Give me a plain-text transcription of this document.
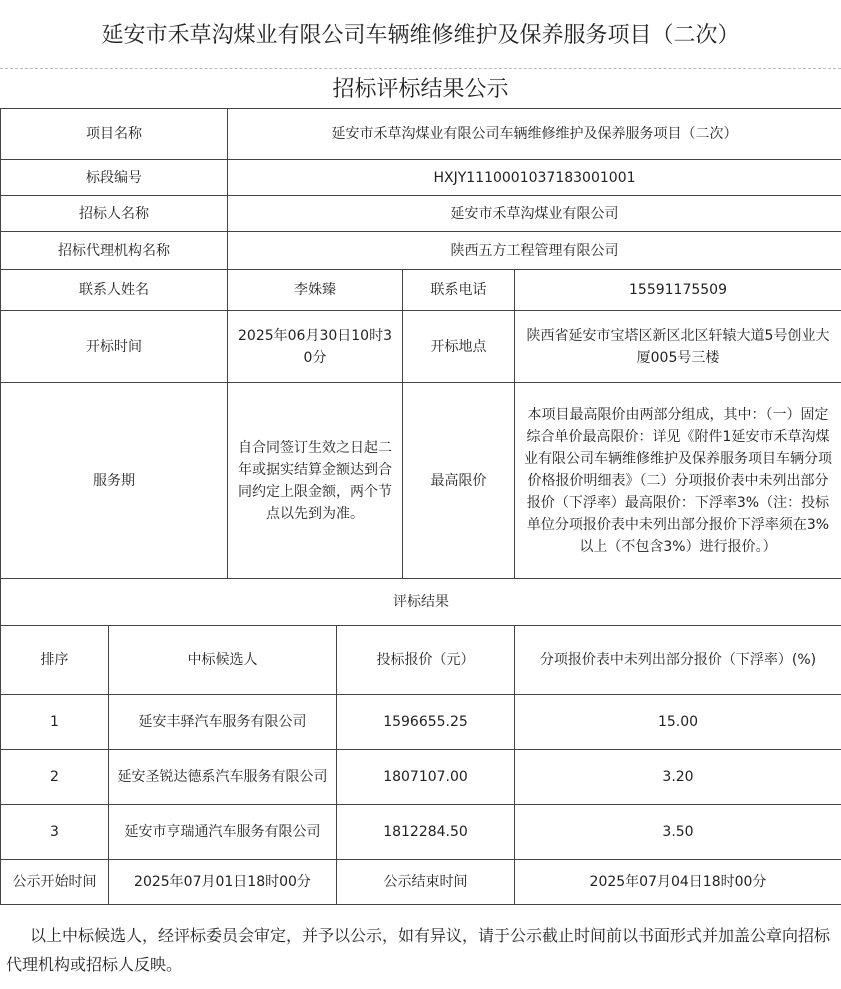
延安市禾草沟煤业有限公司车辆维修维护及保养服务项目（二次）
招标评标结果公示
项目名称		延安市禾草沟煤业有限公司车辆维修维护及保养服务项目（二次）			
标段编号		HXJY1110001037183001001			
招标人名称		延安市禾草沟煤业有限公司			
招标代理机构名称		陕西五方工程管理有限公司			
联系人姓名		李姝臻		联系电话	15591175509
开标时间		2025年06月30日10时30分		开标地点	陕西省延安市宝塔区新区北区轩辕大道5号创业大厦005号三楼
服务期		自合同签订生效之日起二年或据实结算金额达到合同约定上限金额，两个节点以先到为准。		最高限价	本项目最高限价由两部分组成，其中：（一）固定综合单价最高限价：详见《附件1延安市禾草沟煤业有限公司车辆维修维护及保养服务项目车辆分项价格报价明细表》（二）分项报价表中未列出部分报价（下浮率）最高限价：下浮率3%（注：投标单位分项报价表中未列出部分报价下浮率须在3%以上（不包含3%）进行报价。）
评标结果					
排序	中标候选人		投标报价（元）		分项报价表中未列出部分报价（下浮率）(%)
1	延安丰驿汽车服务有限公司		1596655.25		15.00
2	延安圣锐达德系汽车服务有限公司		1807107.00		3.20
3	延安市亨瑞通汽车服务有限公司		1812284.50		3.50
公示开始时间	2025年07月01日18时00分		公示结束时间		2025年07月04日18时00分
以上中标候选人，经评标委员会审定，并予以公示，如有异议，请于公示截止时间前以书面形式并加盖公章向招标代理机构或招标人反映。
